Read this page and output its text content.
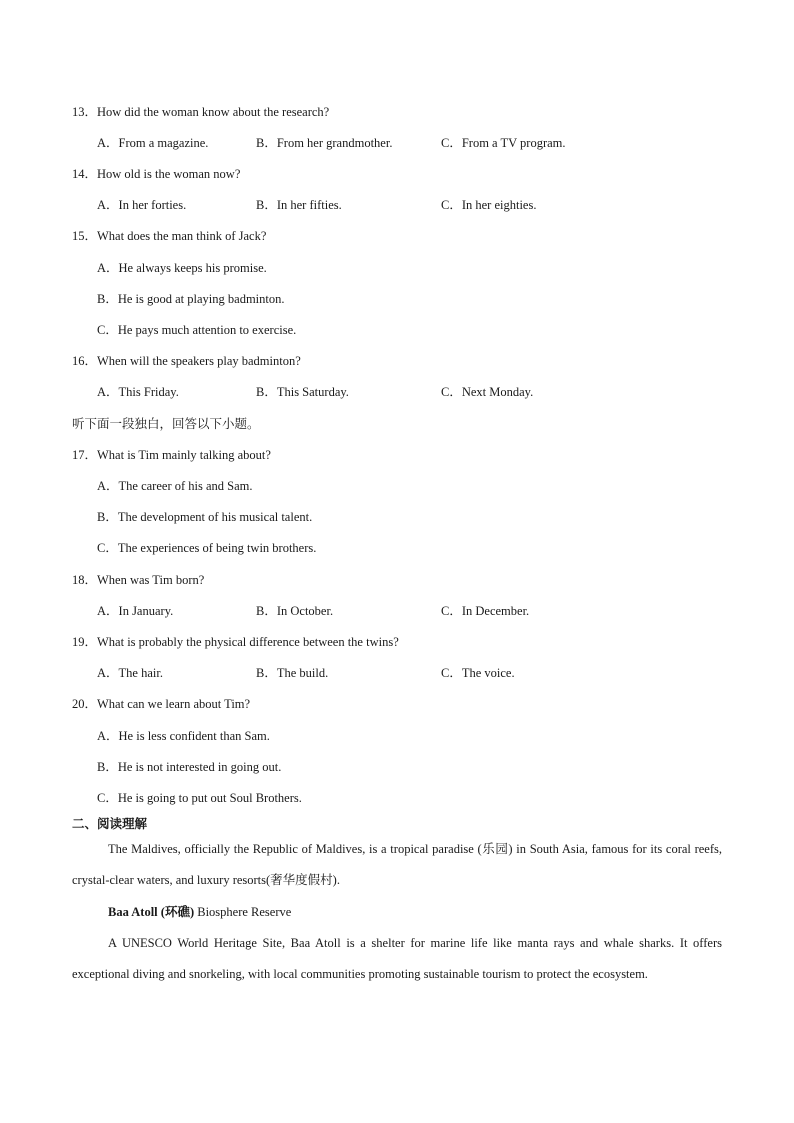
13．How did the woman know about the research?
A．From a magazine.	B．From her grandmother.	C．From a TV program.
14．How old is the woman now?
A．In her forties.	B．In her fifties.	C．In her eighties.
15．What does the man think of Jack?
A．He always keeps his promise.
B．He is good at playing badminton.
C．He pays much attention to exercise.
16．When will the speakers play badminton?
A．This Friday.	B．This Saturday.	C．Next Monday.
听下面一段独白，回答以下小题。
17．What is Tim mainly talking about?
A．The career of his and Sam.
B．The development of his musical talent.
C．The experiences of being twin brothers.
18．When was Tim born?
A．In January.	B．In October.	C．In December.
19．What is probably the physical difference between the twins?
A．The hair.	B．The build.	C．The voice.
20．What can we learn about Tim?
A．He is less confident than Sam.
B．He is not interested in going out.
C．He is going to put out Soul Brothers.
二、阅读理解
The Maldives, officially the Republic of Maldives, is a tropical paradise (乐园) in South Asia, famous for its coral reefs, crystal-clear waters, and luxury resorts(奢华度假村).
Baa Atoll (环礁) Biosphere Reserve
A UNESCO World Heritage Site, Baa Atoll is a shelter for marine life like manta rays and whale sharks. It offers exceptional diving and snorkeling, with local communities promoting sustainable tourism to protect the ecosystem.
